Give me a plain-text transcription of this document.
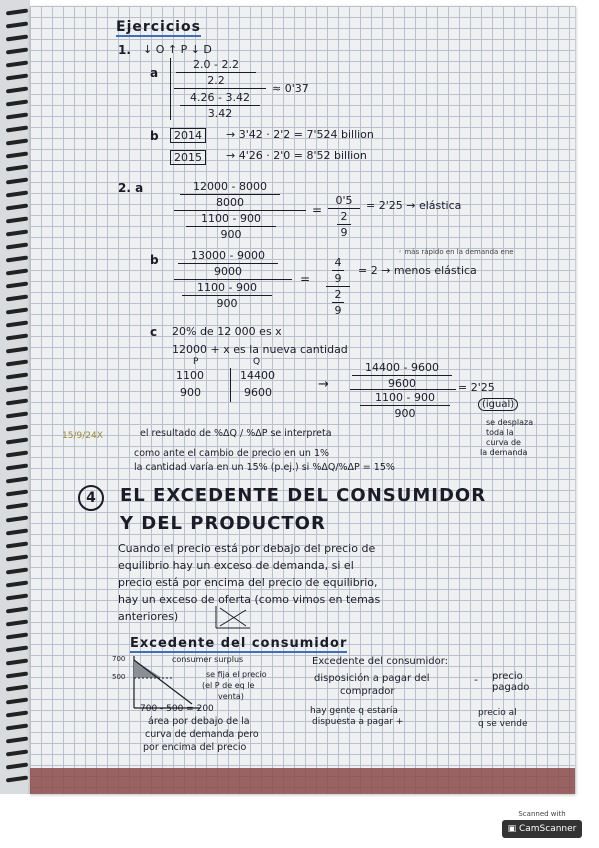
Ejercicios
1. ↓ O ↑ P ↓ D
a
2.0 - 2.2
2.2
4.26 - 3.42
3.42
≈ 0'37
b	2014	→ 3'42 · 2'2 = 7'524 billion
2015	→ 4'26 · 2'0 = 8'52 billion
2. a	12000 - 8000
8000
1100 - 900
900
=
0'5
2
9
= 2'25 → elástica
b	13000 - 9000
9000
1100 - 900
900
=
4
9
2
9
= 2 → menos elástica
◦ más rápido en la demanda ene
c 20% de 12 000 es x
12000 + x es la nueva cantidad
P	Q
1100	14400
900	9600
→
14400 - 9600
9600
1100 - 900
900
= 2'25
(igual)
se desplaza
toda la
curva de
la demanda
15/9/24X	el resultado de %ΔQ / %ΔP se interpreta
como ante el cambio de precio en un 1%
la cantidad varía en un 15% (p.ej.) si %ΔQ/%ΔP = 15%
4	EL EXCEDENTE DEL CONSUMIDOR
Y DEL PRODUCTOR
Cuando el precio está por debajo del precio de
equilibrio hay un exceso de demanda, si el
precio está por encima del precio de equilibrio,
hay un exceso de oferta (como vimos en temas
anteriores)
Excedente del consumidor
700
500
consumer surplus
se fija el precio
(el P de eq le
venta)
700 - 500 = 200
área por debajo de la
curva de demanda pero
por encima del precio
Excedente del consumidor:
disposición a pagar del	-
comprador
precio
pagado
hay gente q estaría
dispuesta a pagar +
precio al
q se vende
Scanned with
▣ CamScanner
